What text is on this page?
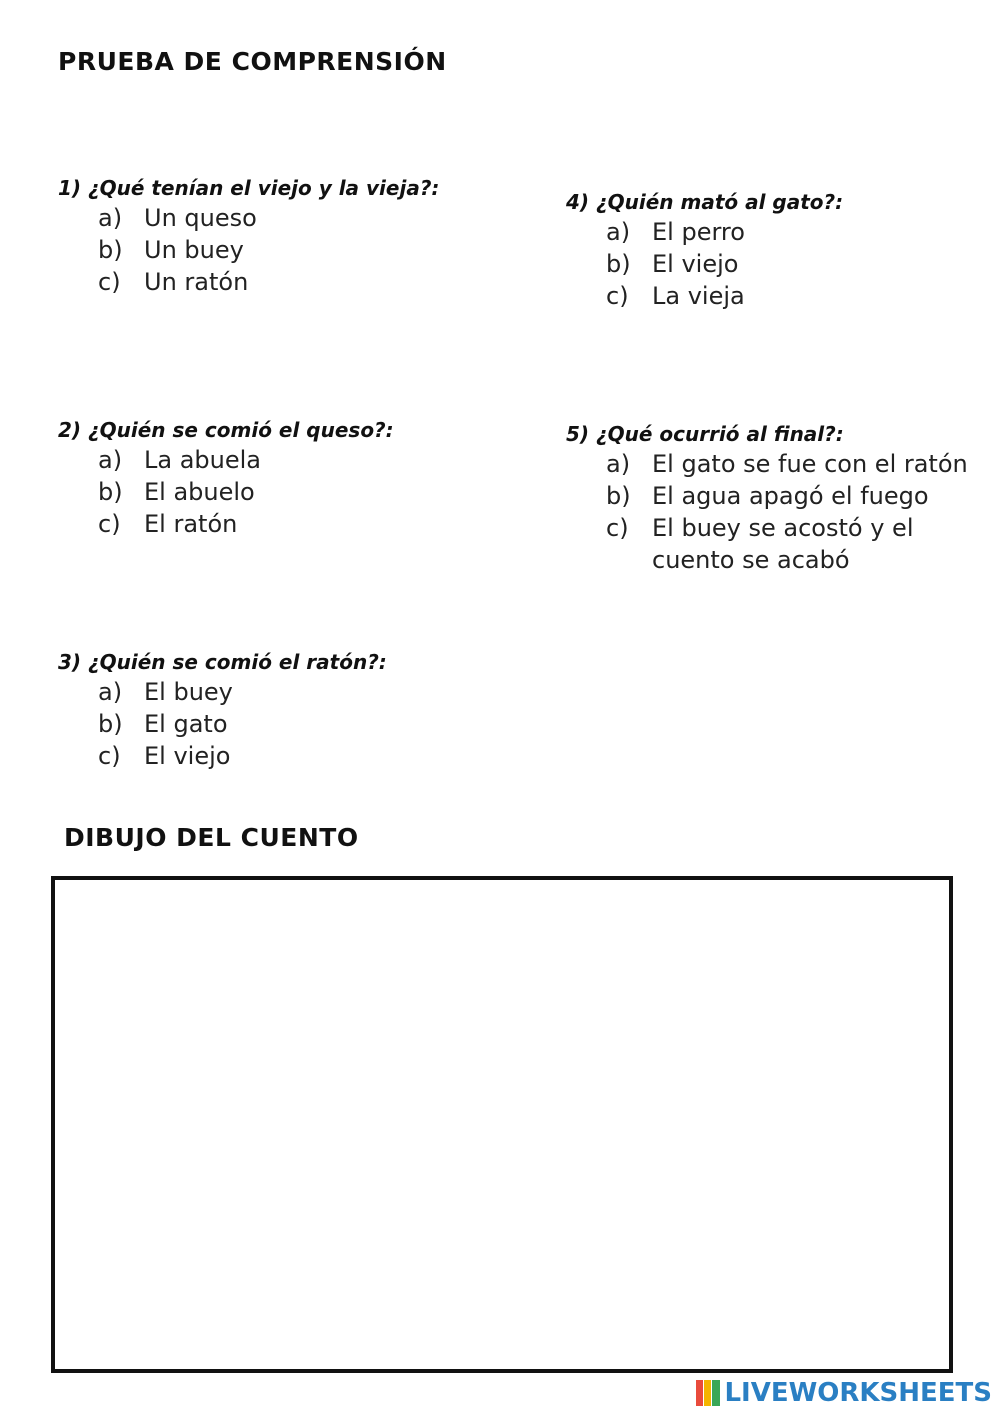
PRUEBA DE COMPRENSIÓN

1) ¿Qué tenían el viejo y la vieja?:

a) Un queso
b) Un buey
c) Un ratón

2) ¿Quién se comió el queso?:

a) La abuela
b) El abuelo
c) El ratón

3) ¿Quién se comió el ratón?:

a) El buey
b) El gato
c) El viejo

4) ¿Quién mató al gato?:

a) El perro
b) El viejo
c) La vieja

5) ¿Qué ocurrió al final?:

a) El gato se fue con el ratón
b) El agua apagó el fuego
c) El buey se acostó y el cuento se acabó
DIBUJO DEL CUENTO
LIVEWORKSHEETS
